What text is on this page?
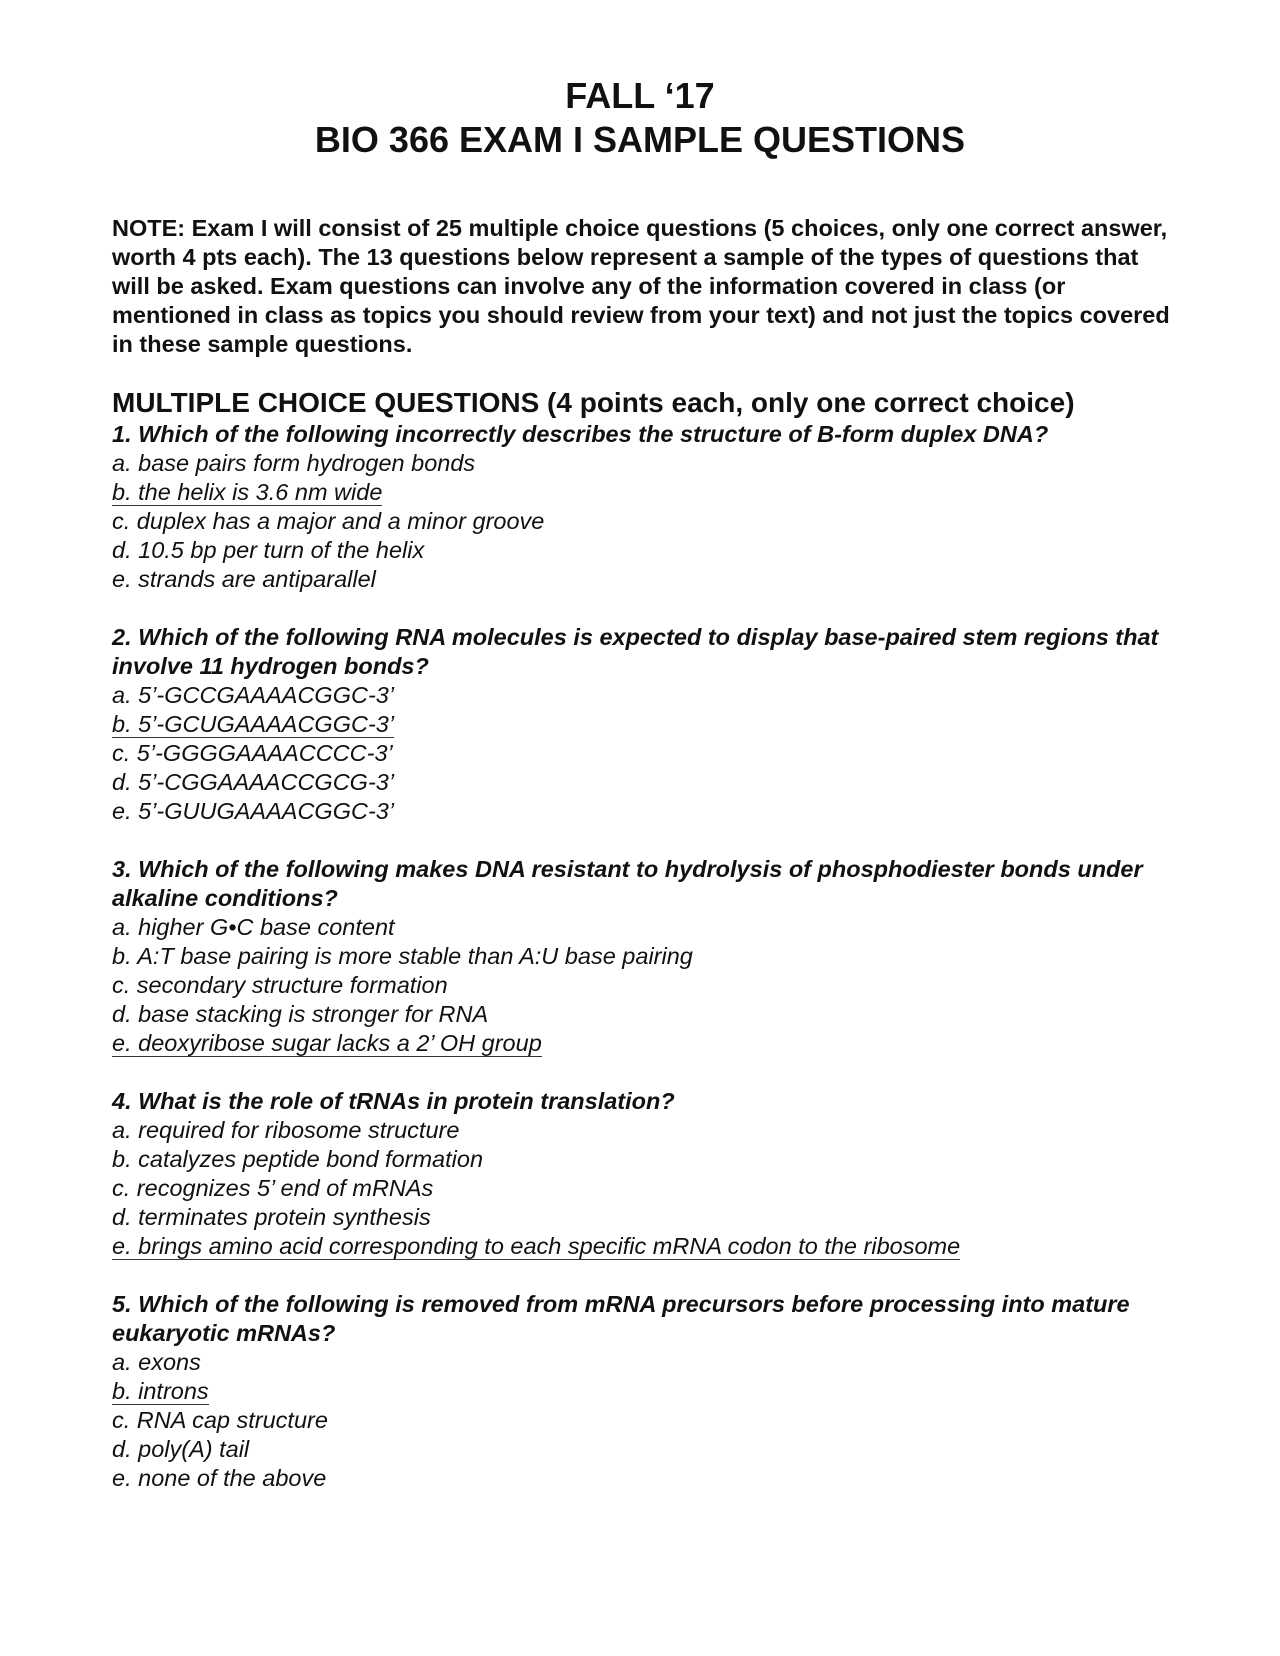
FALL ‘17
BIO 366 EXAM I SAMPLE QUESTIONS
NOTE: Exam I will consist of 25 multiple choice questions (5 choices, only one correct answer, worth 4 pts each). The 13 questions below represent a sample of the types of questions that will be asked. Exam questions can involve any of the information covered in class (or mentioned in class as topics you should review from your text) and not just the topics covered in these sample questions.
MULTIPLE CHOICE QUESTIONS (4 points each, only one correct choice)
1. Which of the following incorrectly describes the structure of B-form duplex DNA?
a. base pairs form hydrogen bonds
b. the helix is 3.6 nm wide
c. duplex has a major and a minor groove
d. 10.5 bp per turn of the helix
e. strands are antiparallel
2. Which of the following RNA molecules is expected to display base-paired stem regions that involve 11 hydrogen bonds?
a. 5’-GCCGAAAACGGC-3’
b. 5’-GCUGAAAACGGC-3’
c. 5’-GGGGAAAACCCC-3’
d. 5’-CGGAAAACCGCG-3’
e. 5’-GUUGAAAACGGC-3’
3. Which of the following makes DNA resistant to hydrolysis of phosphodiester bonds under alkaline conditions?
a. higher G•C base content
b. A:T base pairing is more stable than A:U base pairing
c. secondary structure formation
d. base stacking is stronger for RNA
e. deoxyribose sugar lacks a 2’ OH group
4. What is the role of tRNAs in protein translation?
a. required for ribosome structure
b. catalyzes peptide bond formation
c. recognizes 5’ end of mRNAs
d. terminates protein synthesis
e. brings amino acid corresponding to each specific mRNA codon to the ribosome
5. Which of the following is removed from mRNA precursors before processing into mature eukaryotic mRNAs?
a. exons
b. introns
c. RNA cap structure
d. poly(A) tail
e. none of the above
